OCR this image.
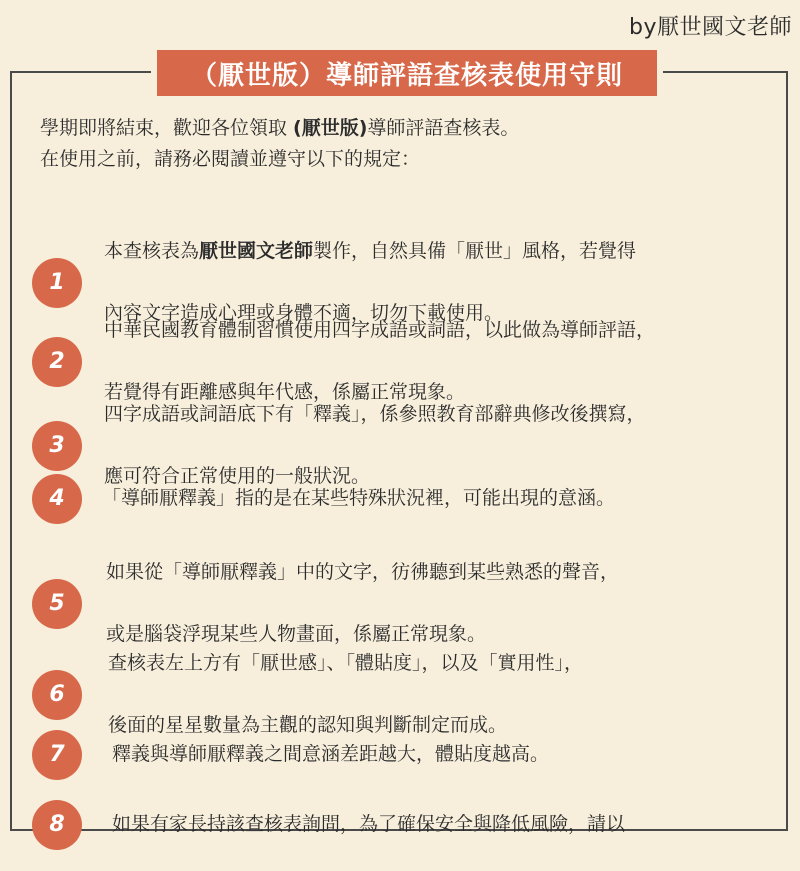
by厭世國文老師
（厭世版）導師評語查核表使用守則
學期即將結束，歡迎各位領取 (厭世版)導師評語查核表。
在使用之前，請務必閱讀並遵守以下的規定：
1

本查核表為厭世國文老師製作，自然具備「厭世」風格，若覺得

內容文字造成心理或身體不適，切勿下載使用。

2

中華民國教育體制習慣使用四字成語或詞語，以此做為導師評語，

若覺得有距離感與年代感，係屬正常現象。

3

四字成語或詞語底下有「釋義」，係參照教育部辭典修改後撰寫，

應可符合正常使用的一般狀況。

4	「導師厭釋義」指的是在某些特殊狀況裡，可能出現的意涵。

5

如果從「導師厭釋義」中的文字，彷彿聽到某些熟悉的聲音，

或是腦袋浮現某些人物畫面，係屬正常現象。

6

查核表左上方有「厭世感」、「體貼度」，以及「實用性」，

後面的星星數量為主觀的認知與判斷制定而成。

7	釋義與導師厭釋義之間意涵差距越大，體貼度越高。

8	如果有家長持該查核表詢問，為了確保安全與降低風險，請以
